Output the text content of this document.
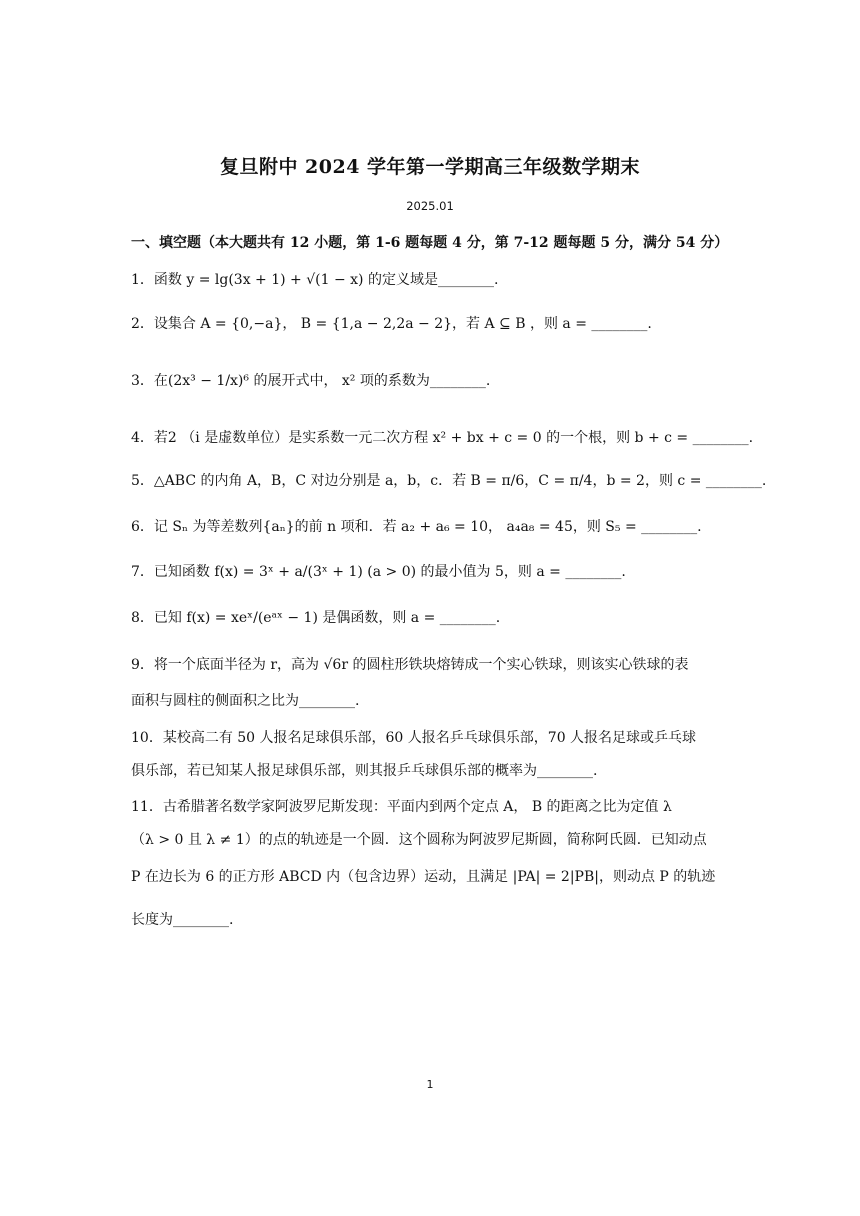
复旦附中 2024 学年第一学期高三年级数学期末
2025.01
一、填空题（本大题共有 12 小题，第 1-6 题每题 4 分，第 7-12 题每题 5 分，满分 54 分）
1．函数 y = lg(3x + 1) + √(1 − x) 的定义域是________.
2．设集合 A = {0,−a}， B = {1,a − 2,2a − 2}，若 A ⊆ B ，则 a = ________.
3．在(2x³ − 1/x)⁶ 的展开式中， x² 项的系数为________.
4．若2 （i 是虚数单位）是实系数一元二次方程 x² + bx + c = 0 的一个根，则 b + c = ________.
5．△ABC 的内角 A，B，C 对边分别是 a，b，c．若 B = π/6，C = π/4，b = 2，则 c = ________.
6．记 Sₙ 为等差数列{aₙ}的前 n 项和．若 a₂ + a₆ = 10， a₄a₈ = 45，则 S₅ = ________.
7．已知函数 f(x) = 3ˣ + a/(3ˣ + 1) (a > 0) 的最小值为 5，则 a = ________.
8．已知 f(x) = xeˣ/(eᵃˣ − 1) 是偶函数，则 a = ________.
9．将一个底面半径为 r，高为 √6r 的圆柱形铁块熔铸成一个实心铁球，则该实心铁球的表
面积与圆柱的侧面积之比为________.
10．某校高二有 50 人报名足球俱乐部，60 人报名乒乓球俱乐部，70 人报名足球或乒乓球
俱乐部，若已知某人报足球俱乐部，则其报乒乓球俱乐部的概率为________.
11．古希腊著名数学家阿波罗尼斯发现：平面内到两个定点 A， B 的距离之比为定值 λ
（λ > 0 且 λ ≠ 1）的点的轨迹是一个圆．这个圆称为阿波罗尼斯圆，简称阿氏圆．已知动点
P 在边长为 6 的正方形 ABCD 内（包含边界）运动，且满足 |PA| = 2|PB|，则动点 P 的轨迹
长度为________.
1
